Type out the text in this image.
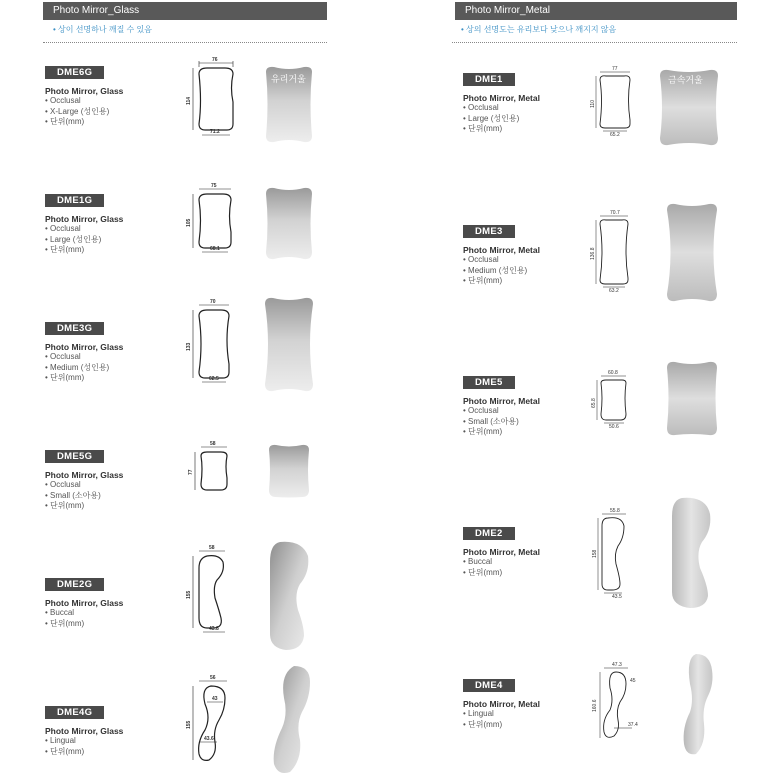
Photo Mirror_Glass
• 상이 선명하나 깨질 수 있음
DME6G
Photo Mirror, Glass
• Occlusal
• X-Large (성인용)
• 단위(mm)
76
114
71.2
유리거울
DME1G
Photo Mirror, Glass
• Occlusal
• Large (성인용)
• 단위(mm)
75
105
68.1
DME3G
Photo Mirror, Glass
• Occlusal
• Medium (성인용)
• 단위(mm)
70
133
62.5
DME5G
Photo Mirror, Glass
• Occlusal
• Small (소아용)
• 단위(mm)
58
77
DME2G
Photo Mirror, Glass
• Buccal
• 단위(mm)
58
155
43.8
DME4G
Photo Mirror, Glass
• Lingual
• 단위(mm)
56
155
43
43.6
Photo Mirror_Metal
• 상의 선명도는 유리보다 낮으나 깨지지 않음
DME1
Photo Mirror, Metal
• Occlusal
• Large (성인용)
• 단위(mm)
77
110
65.2
금속거울
DME3
Photo Mirror, Metal
• Occlusal
• Medium (성인용)
• 단위(mm)
70.7
136.8
63.2
DME5
Photo Mirror, Metal
• Occlusal
• Small (소아용)
• 단위(mm)
60.8
65.8
50.6
DME2
Photo Mirror, Metal
• Buccal
• 단위(mm)
55.8
158
43.5
DME4
Photo Mirror, Metal
• Lingual
• 단위(mm)
47.3
160.6
45
37.4
